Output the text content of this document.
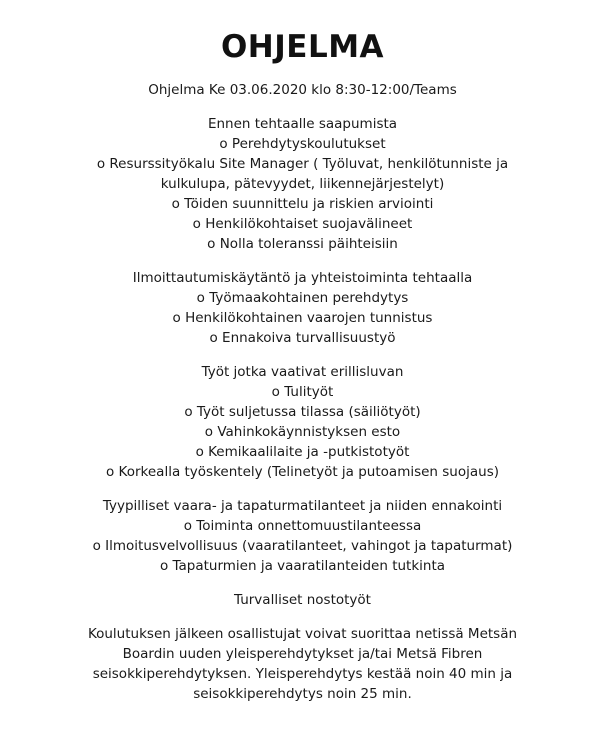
OHJELMA

Ohjelma Ke 03.06.2020 klo 8:30-12:00/Teams

Ennen tehtaalle saapumista

o Perehdytyskoulutukset

o Resurssityökalu Site Manager ( Työluvat, henkilötunniste ja

kulkulupa, pätevyydet, liikennejärjestelyt)

o Töiden suunnittelu ja riskien arviointi

o Henkilökohtaiset suojavälineet

o Nolla toleranssi päihteisiin

Ilmoittautumiskäytäntö ja yhteistoiminta tehtaalla

o Työmaakohtainen perehdytys

o Henkilökohtainen vaarojen tunnistus

o Ennakoiva turvallisuustyö

Työt jotka vaativat erillisluvan

o Tulityöt

o Työt suljetussa tilassa (säiliötyöt)

o Vahinkokäynnistyksen esto

o Kemikaalilaite ja -putkistotyöt

o Korkealla työskentely (Telinetyöt ja putoamisen suojaus)

Tyypilliset vaara- ja tapaturmatilanteet ja niiden ennakointi

o Toiminta onnettomuustilanteessa

o Ilmoitusvelvollisuus (vaaratilanteet, vahingot ja tapaturmat)

o Tapaturmien ja vaaratilanteiden tutkinta

Turvalliset nostotyöt

Koulutuksen jälkeen osallistujat voivat suorittaa netissä Metsän Boardin uuden yleisperehdytykset ja/tai Metsä Fibren seisokkiperehdytyksen. Yleisperehdytys kestää noin 40 min ja seisokkiperehdytys noin 25 min.
